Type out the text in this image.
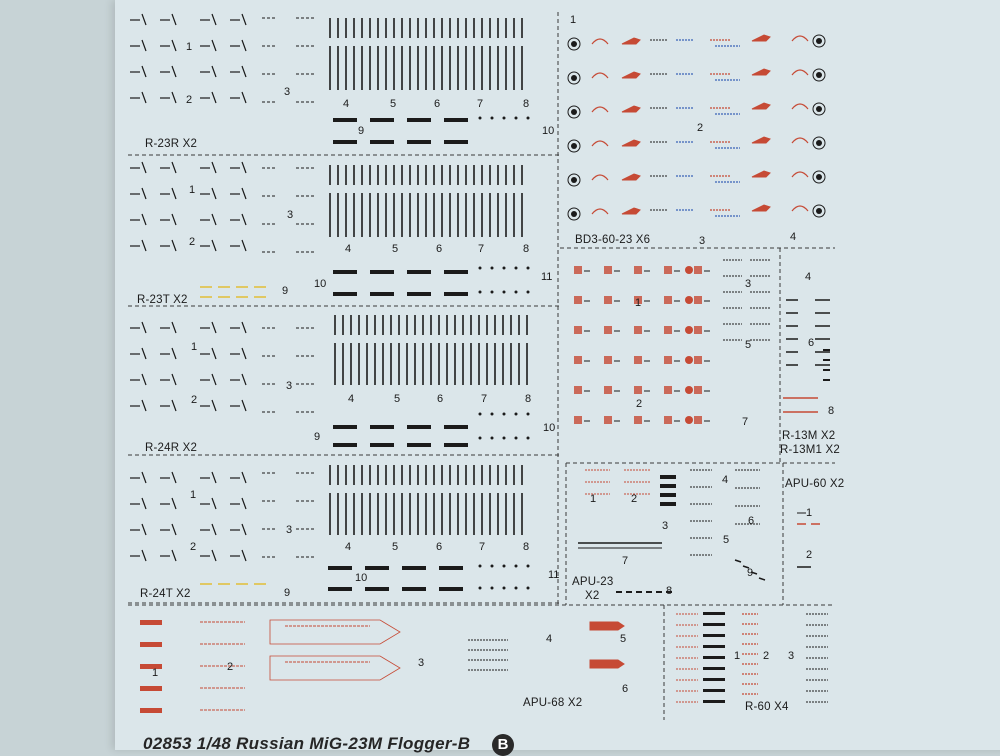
R-23R X2
1
2
3
4	5	6	7	8
9	10
R-23T X2
1
2
3
4	5	6	7	8
9
10
11
R-24R X2
1
2
3
4	5	6	7	8
9
10
R-24T X2
1
2
3
4	5	6	7	8
9
10	11
BD3-60-23 X6
1
2
3	4
R-13M X2
R-13M1 X2
1
2
3
4
5	6
7
8
APU-23
X2
1	2
3
4
5
6
7
8
9
APU-60 X2
1
2
APU-68 X2
1	2	3
4	5
6
R-60 X4
1 2 3
02853 1/48 Russian MiG-23M Flogger-B	B
